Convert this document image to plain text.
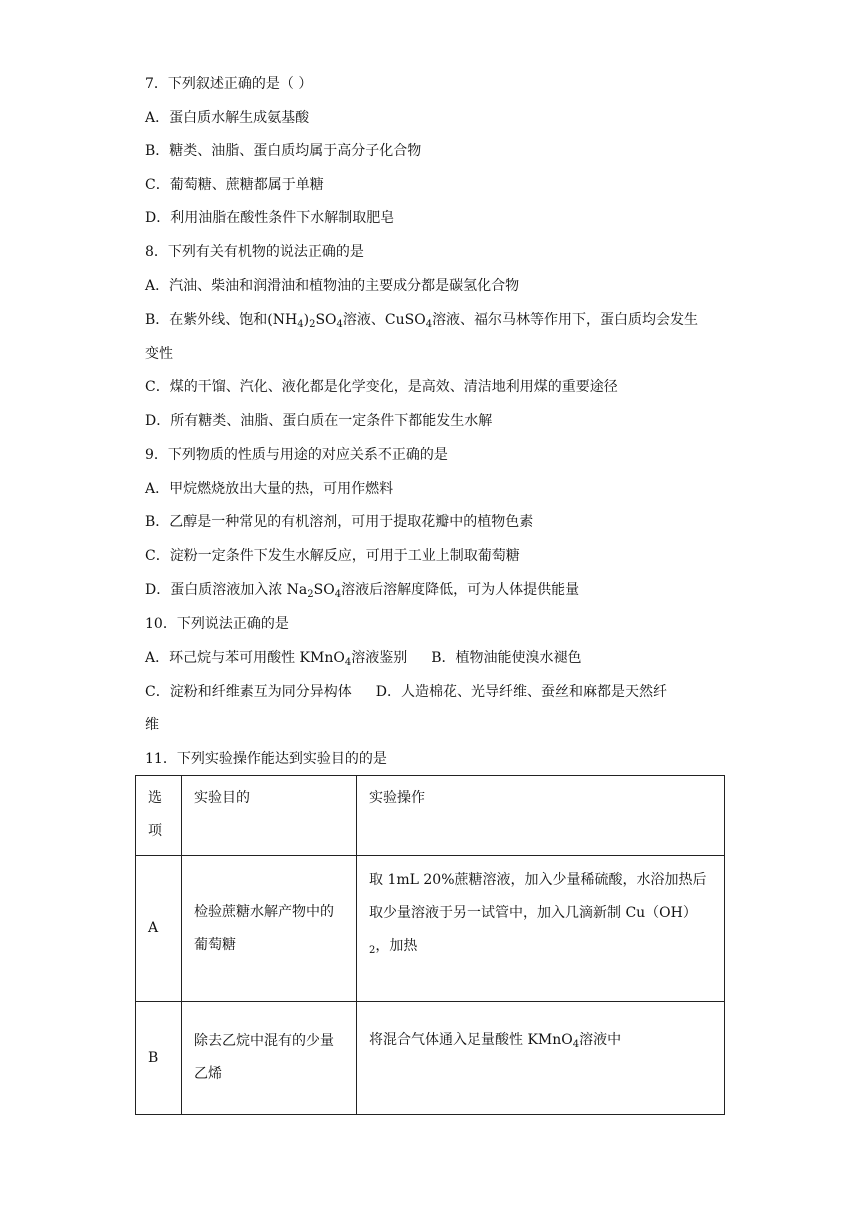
7．下列叙述正确的是（ ）
A．蛋白质水解生成氨基酸
B．糖类、油脂、蛋白质均属于高分子化合物
C．葡萄糖、蔗糖都属于单糖
D．利用油脂在酸性条件下水解制取肥皂
8．下列有关有机物的说法正确的是
A．汽油、柴油和润滑油和植物油的主要成分都是碳氢化合物
B．在紫外线、饱和$(NH_4)_2SO_4$溶液、CuSO$_4$溶液、福尔马林等作用下，蛋白质均会发生
变性
C．煤的干馏、汽化、液化都是化学变化，是高效、清洁地利用煤的重要途径
D．所有糖类、油脂、蛋白质在一定条件下都能发生水解
9．下列物质的性质与用途的对应关系不正确的是
A．甲烷燃烧放出大量的热，可用作燃料
B．乙醇是一种常见的有机溶剂，可用于提取花瓣中的植物色素
C．淀粉一定条件下发生水解反应，可用于工业上制取葡萄糖
D．蛋白质溶液加入浓 $Na_2SO_4$溶液后溶解度降低，可为人体提供能量
10．下列说法正确的是
A．环己烷与苯可用酸性 KMnO$_4$溶液鉴别 B．植物油能使溴水褪色
C．淀粉和纤维素互为同分异构体 D．人造棉花、光导纤维、蚕丝和麻都是天然纤
维
11．下列实验操作能达到实验目的的是
选项	实验目的	实验操作
A	检验蔗糖水解产物中的葡萄糖	取 1mL 20%蔗糖溶液，加入少量稀硫酸，水浴加热后取少量溶液于另一试管中，加入几滴新制 $Cu(OH)_2$，加热
B	除去乙烷中混有的少量乙烯	将混合气体通入足量酸性 KMnO$_4$溶液中
